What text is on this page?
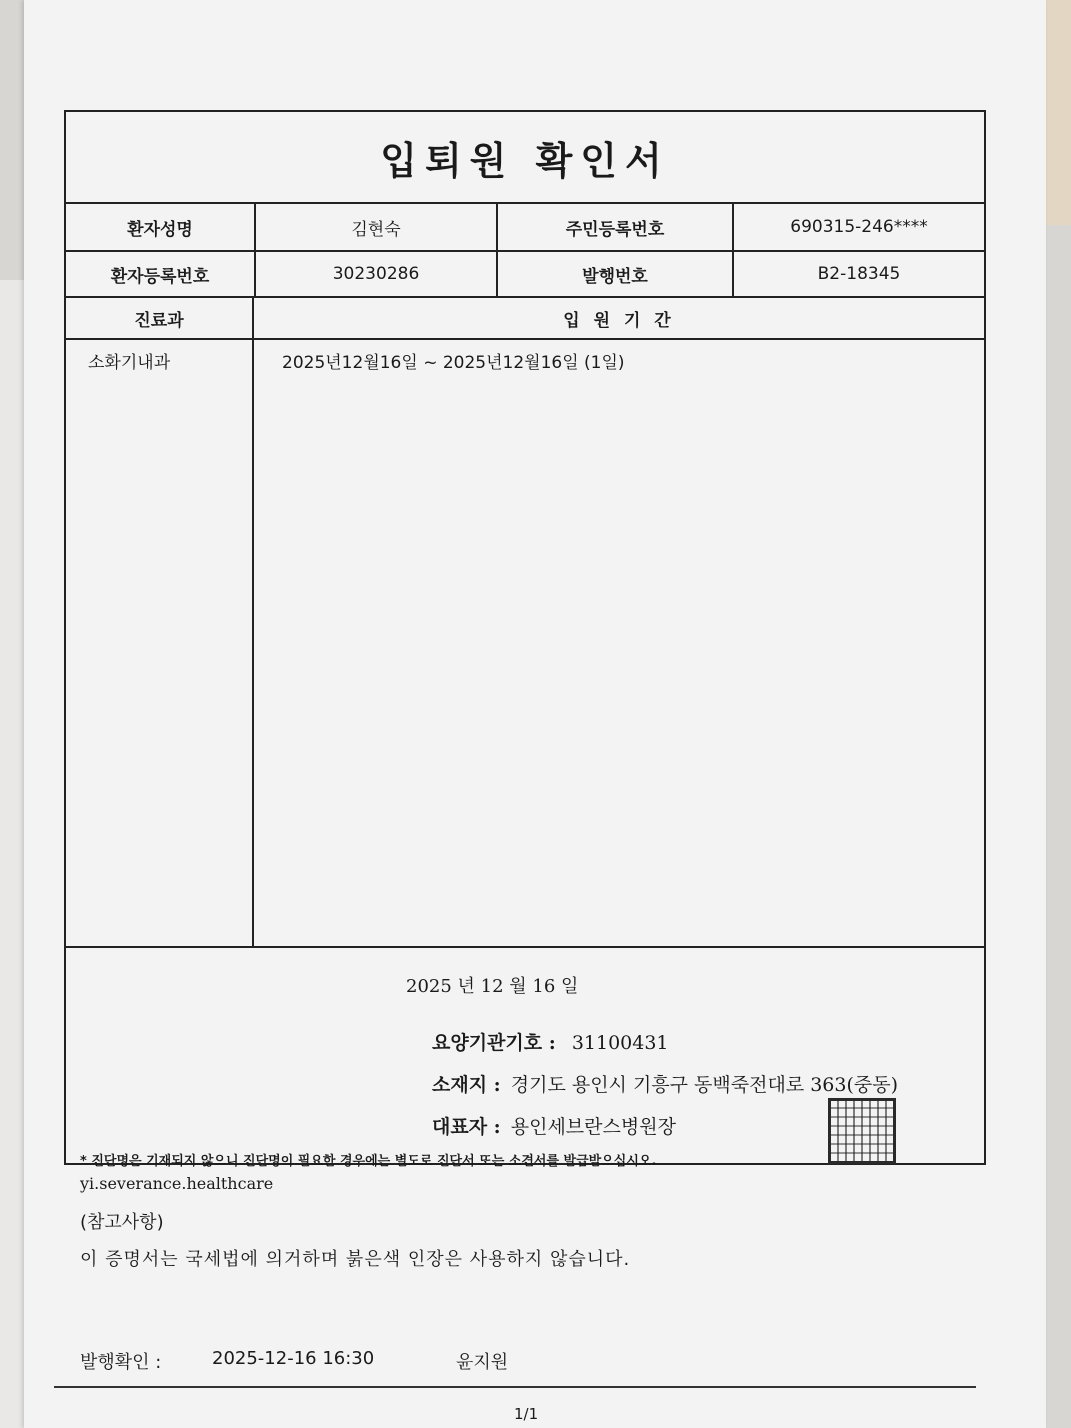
입퇴원 확인서
환자성명	김현숙	주민등록번호	690315-246****
환자등록번호	30230286	발행번호	B2-18345
진료과	입 원 기 간
소화기내과	2025년12월16일 ~ 2025년12월16일 (1일)
2025 년 12 월 16 일
요양기관기호 : 31100431
소재지 : 경기도 용인시 기흥구 동백죽전대로 363(중동)
대표자 : 용인세브란스병원장
* 진단명은 기재되지 않으니 진단명이 필요한 경우에는 별도로 진단서 또는 소견서를 발급받으십시오.
yi.severance.healthcare
(참고사항)
이 증명서는 국세법에 의거하며 붉은색 인장은 사용하지 않습니다.
발행확인 :	2025-12-16 16:30	윤지원
1/1
